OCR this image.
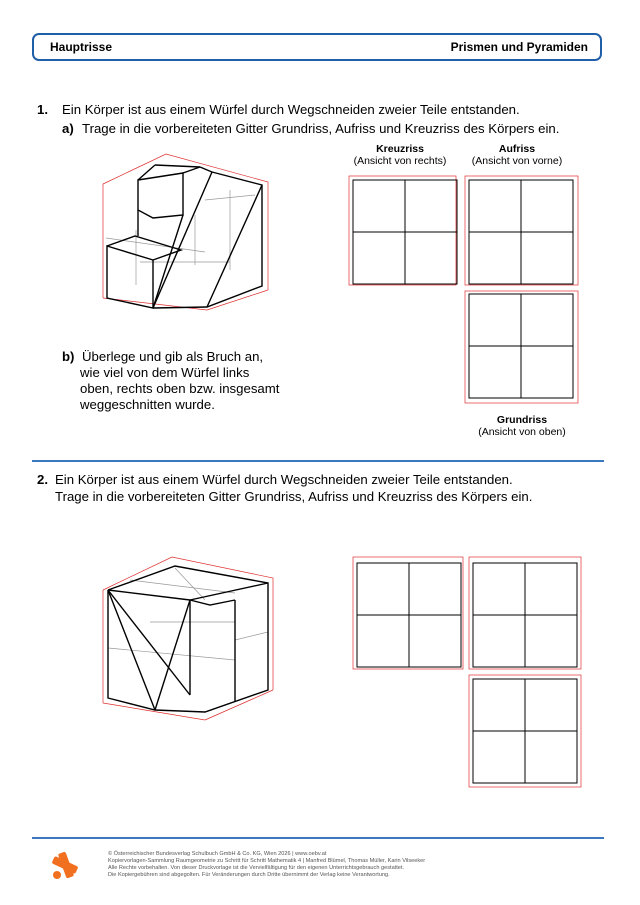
Hauptrisse	Prismen und Pyramiden
1. Ein Körper ist aus einem Würfel durch Wegschneiden zweier Teile entstanden.
a) Trage in die vorbereiteten Gitter Grundriss, Aufriss und Kreuzriss des Körpers ein.
b) Überlege und gib als Bruch an,
wie viel von dem Würfel links
oben, rechts oben bzw. insgesamt
weggeschnitten wurde.
Kreuzriss
(Ansicht von rechts)
Aufriss
(Ansicht von vorne)
Grundriss
(Ansicht von oben)
2. Ein Körper ist aus einem Würfel durch Wegschneiden zweier Teile entstanden.
Trage in die vorbereiteten Gitter Grundriss, Aufriss und Kreuzriss des Körpers ein.
© Österreichischer Bundesverlag Schulbuch GmbH & Co. KG, Wien 2026 | www.oebv.at
Kopiervorlagen-Sammlung Raumgeometrie zu Schritt für Schritt Mathematik 4 | Manfred Blümel, Thomas Müller, Karin Vilseeker
Alle Rechte vorbehalten. Von dieser Druckvorlage ist die Vervielfältigung für den eigenen Unterrichtsgebrauch gestattet.
Die Kopiergebühren sind abgegolten. Für Veränderungen durch Dritte übernimmt der Verlag keine Verantwortung.
